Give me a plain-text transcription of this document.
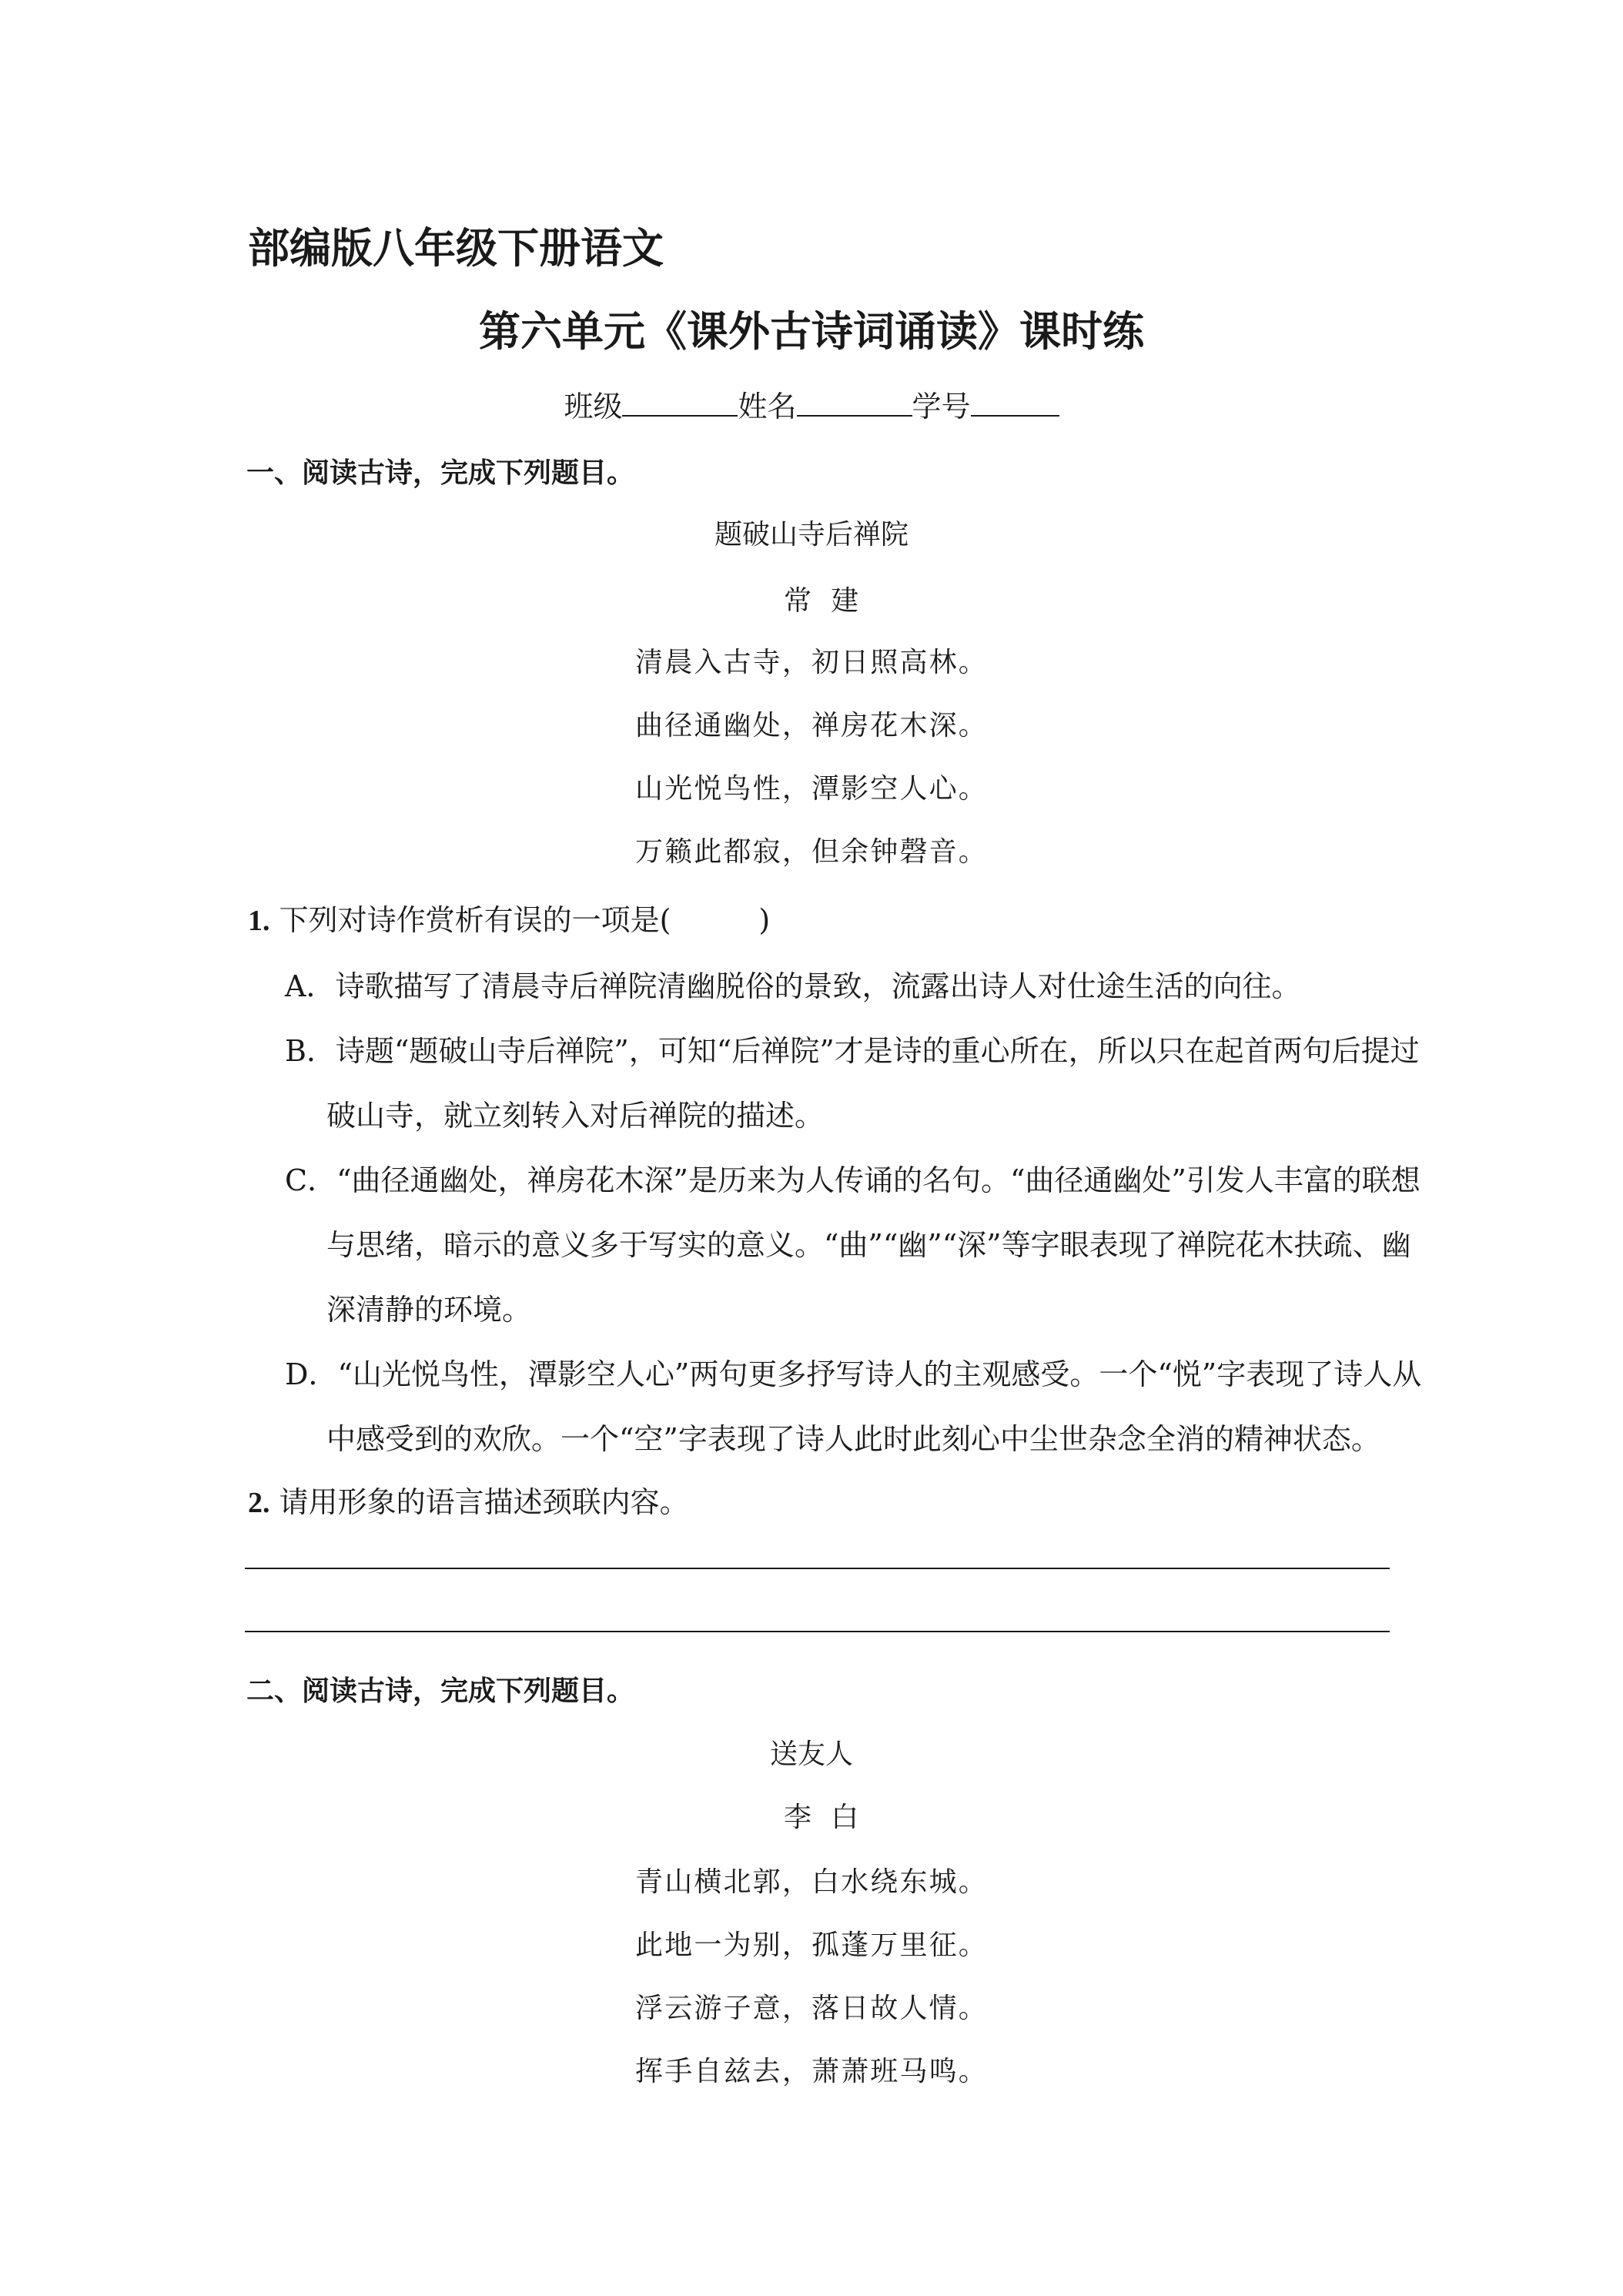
部编版八年级下册语文
第六单元《课外古诗词诵读》课时练
班级	姓名	学号
一、阅读古诗，完成下列题目。
题破山寺后禅院
常建
清晨入古寺，初日照高林。
曲径通幽处，禅房花木深。
山光悦鸟性，潭影空人心。
万籁此都寂，但余钟磬音。
1. 下列对诗作赏析有误的一项是(　　　)
A．诗歌描写了清晨寺后禅院清幽脱俗的景致，流露出诗人对仕途生活的向往。
B．诗题“题破山寺后禅院”，可知“后禅院”才是诗的重心所在，所以只在起首两句后提过
破山寺，就立刻转入对后禅院的描述。
C．“曲径通幽处，禅房花木深”是历来为人传诵的名句。“曲径通幽处”引发人丰富的联想
与思绪，暗示的意义多于写实的意义。“曲”“幽”“深”等字眼表现了禅院花木扶疏、幽
深清静的环境。
D．“山光悦鸟性，潭影空人心”两句更多抒写诗人的主观感受。一个“悦”字表现了诗人从
中感受到的欢欣。一个“空”字表现了诗人此时此刻心中尘世杂念全消的精神状态。
2. 请用形象的语言描述颈联内容。
二、阅读古诗，完成下列题目。
送友人
李白
青山横北郭，白水绕东城。
此地一为别，孤蓬万里征。
浮云游子意，落日故人情。
挥手自兹去，萧萧班马鸣。
